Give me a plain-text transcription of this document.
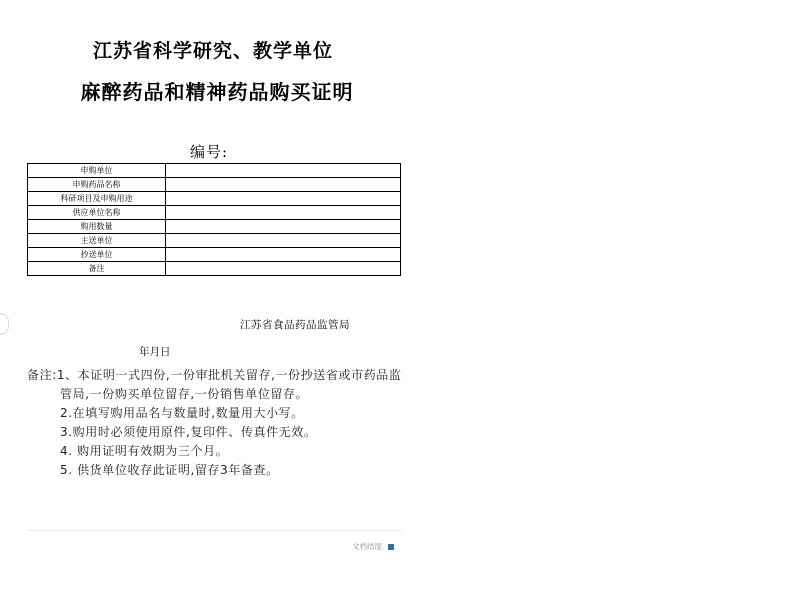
江苏省科学研究、教学单位
麻醉药品和精神药品购买证明
编号:
申购单位	
申购药品名称	
科研项目及申购用途	
供应单位名称	
购用数量	
主送单位	
抄送单位	
备注	
江苏省食品药品监管局
年月日
备注:1、本证明一式四份,一份审批机关留存,一份抄送省或市药品监管局,一份购买单位留存,一份销售单位留存。
2.在填写购用品名与数量时,数量用大小写。
3.购用时必须使用原件,复印件、传真件无效。
4. 购用证明有效期为三个月。
5. 供货单位收存此证明,留存3年备查。
文档结尾
